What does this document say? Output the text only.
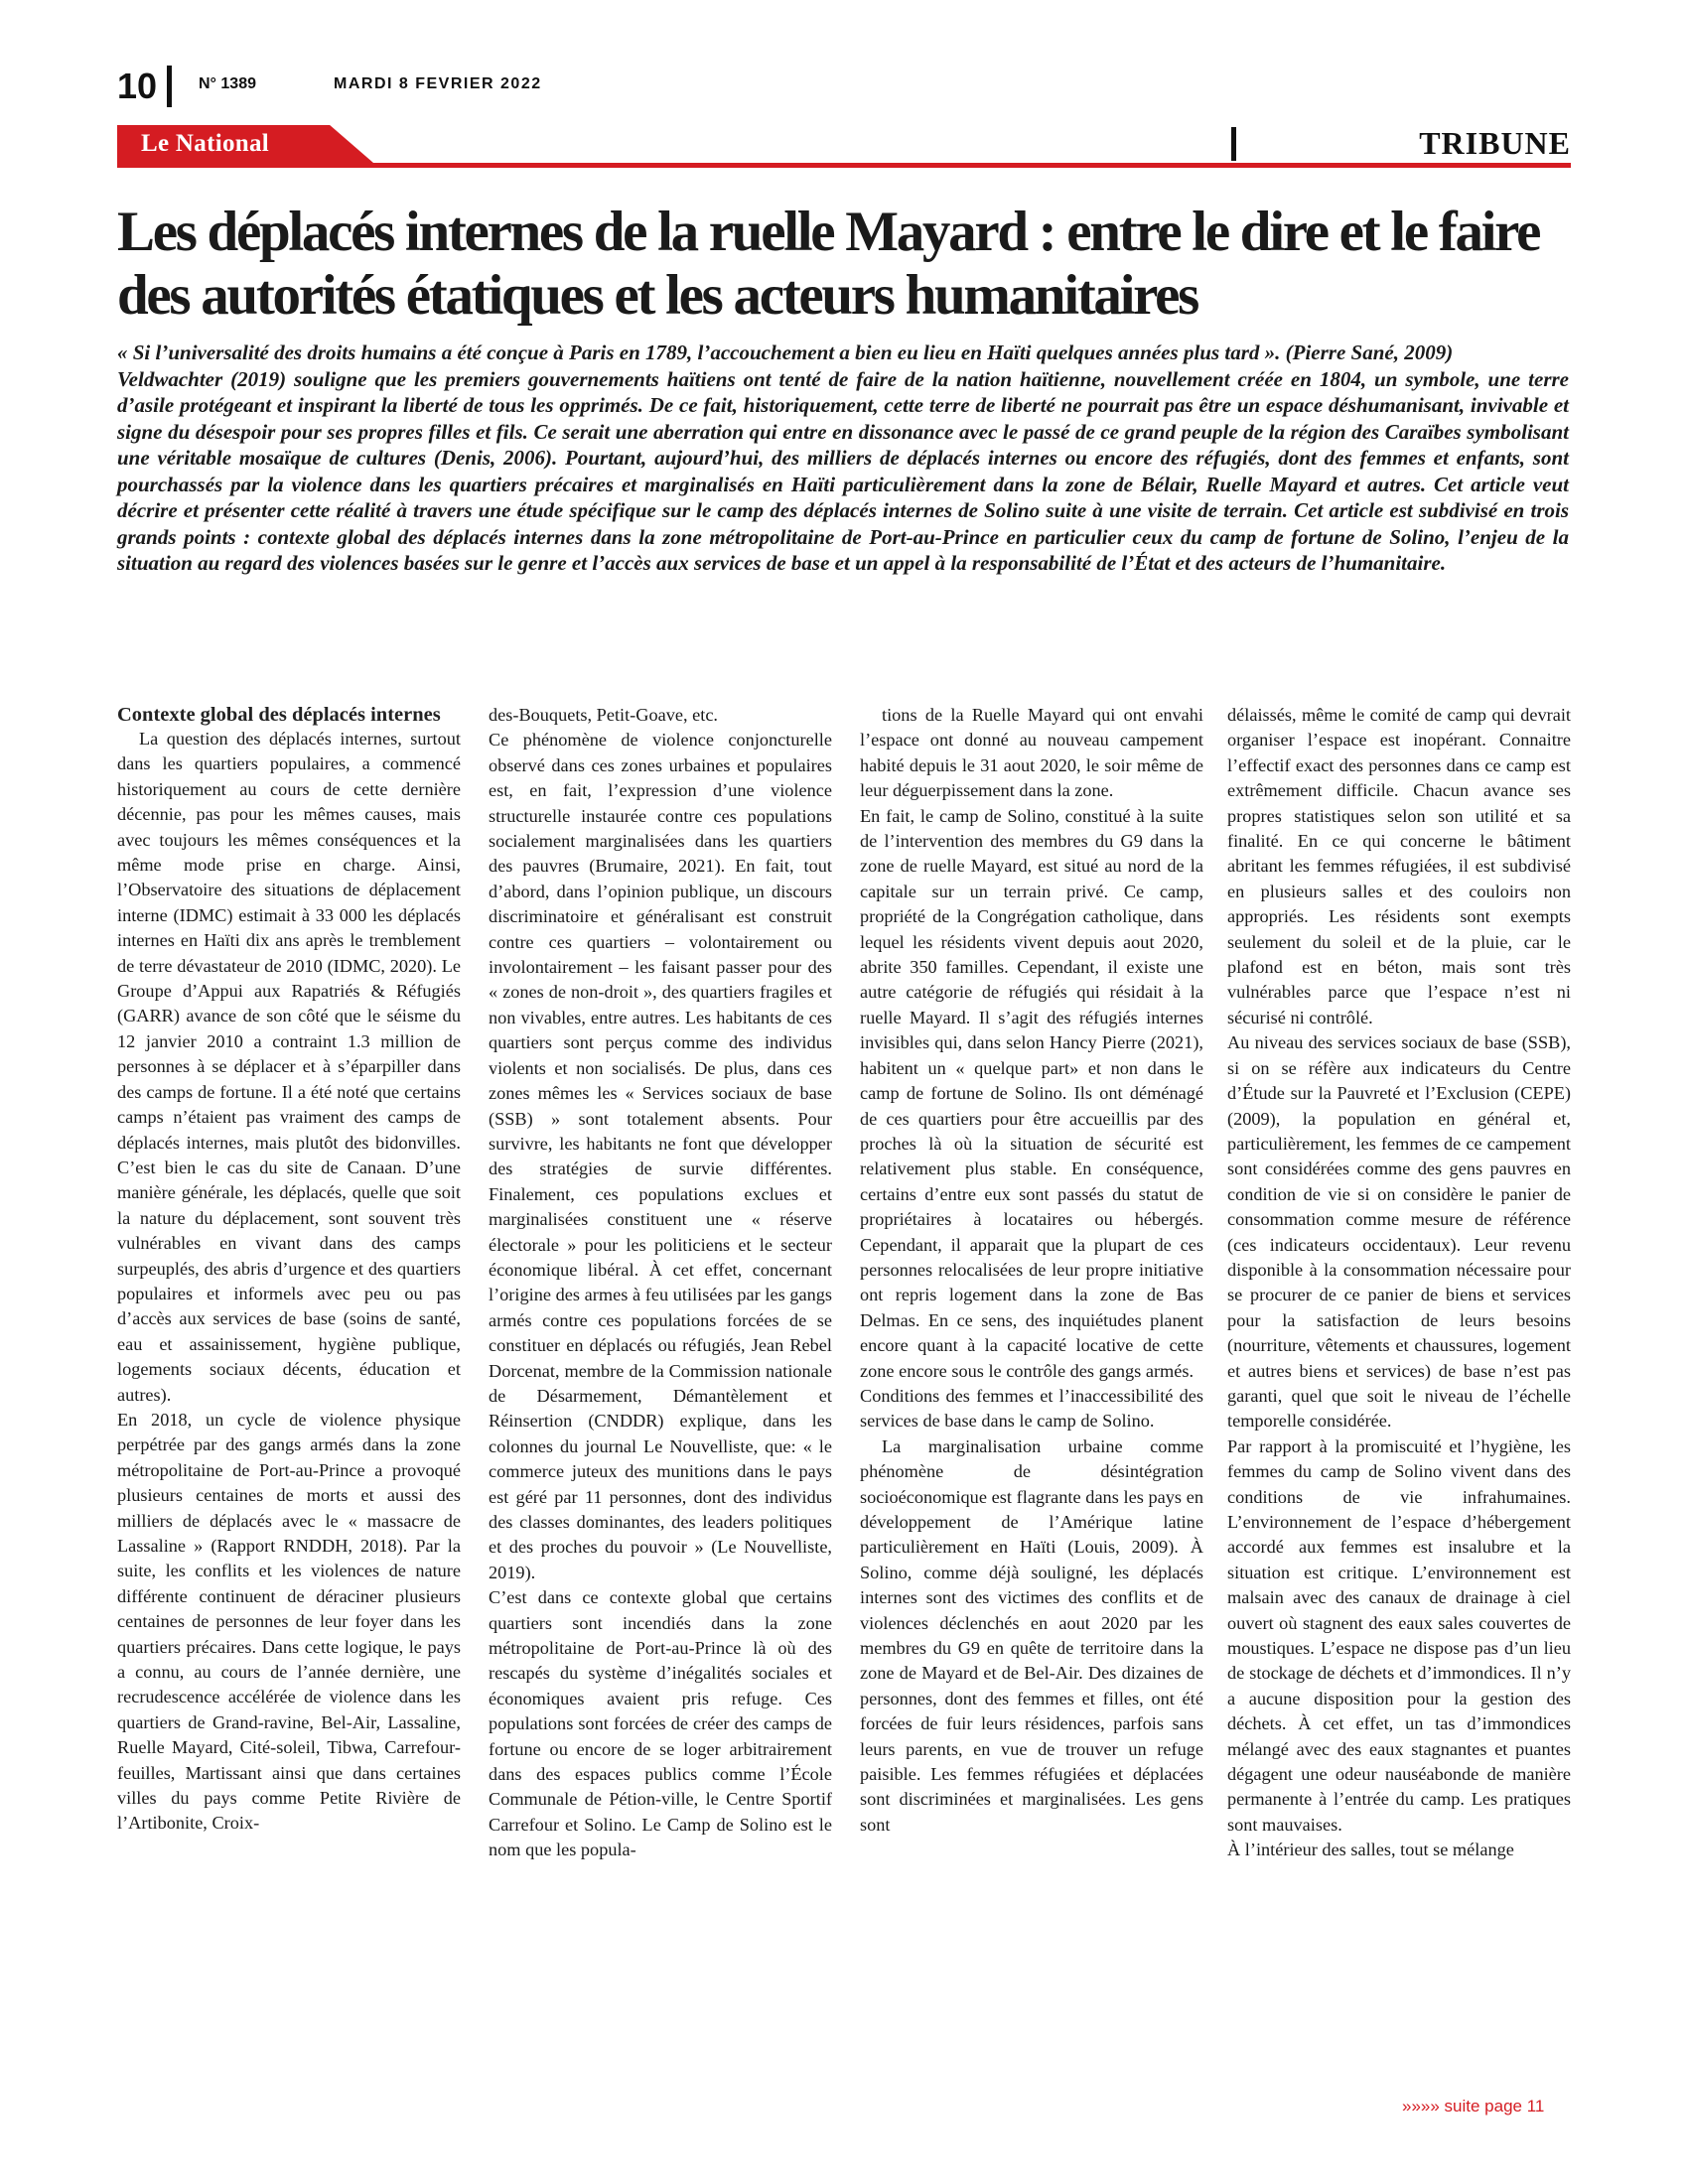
10	N° 1389	MARDI 8 FEVRIER 2022
Le National	TRIBUNE
Les déplacés internes de la ruelle Mayard : entre le dire et le faire des autorités étatiques et les acteurs humanitaires

« Si l’universalité des droits humains a été conçue à Paris en 1789, l’accouchement a bien eu lieu en Haïti quelques années plus tard ». (Pierre Sané, 2009)

Veldwachter (2019) souligne que les premiers gouvernements haïtiens ont tenté de faire de la nation haïtienne, nouvellement créée en 1804, un symbole, une terre d’asile protégeant et inspirant la liberté de tous les opprimés. De ce fait, historiquement, cette terre de liberté ne pourrait pas être un espace déshumanisant, invivable et signe du désespoir pour ses propres filles et fils. Ce serait une aberration qui entre en dissonance avec le passé de ce grand peuple de la région des Caraïbes symbolisant une véritable mosaïque de cultures (Denis, 2006). Pourtant, aujourd’hui, des milliers de déplacés internes ou encore des réfugiés, dont des femmes et enfants, sont pourchassés par la violence dans les quartiers précaires et marginalisés en Haïti particulièrement dans la zone de Bélair, Ruelle Mayard et autres. Cet article veut décrire et présenter cette réalité à travers une étude spécifique sur le camp des déplacés internes de Solino suite à une visite de terrain. Cet article est subdivisé en trois grands points : contexte global des déplacés internes dans la zone métropolitaine de Port-au-Prince en particulier ceux du camp de fortune de Solino, l’enjeu de la situation au regard des violences basées sur le genre et l’accès aux services de base et un appel à la responsabilité de l’État et des acteurs de l’humanitaire.

Contexte global des déplacés internes

La question des déplacés internes, surtout dans les quartiers populaires, a commencé historiquement au cours de cette dernière décennie, pas pour les mêmes causes, mais avec toujours les mêmes conséquences et la même mode prise en charge. Ainsi, l’Observatoire des situations de déplacement interne (IDMC) estimait à 33 000 les déplacés internes en Haïti dix ans après le tremblement de terre dévastateur de 2010 (IDMC, 2020). Le Groupe d’Appui aux Rapatriés & Réfugiés (GARR) avance de son côté que le séisme du 12 janvier 2010 a contraint 1.3 million de personnes à se déplacer et à s’éparpiller dans des camps de fortune. Il a été noté que certains camps n’étaient pas vraiment des camps de déplacés internes, mais plutôt des bidonvilles. C’est bien le cas du site de Canaan. D’une manière générale, les déplacés, quelle que soit la nature du déplacement, sont souvent très vulnérables en vivant dans des camps surpeuplés, des abris d’urgence et des quartiers populaires et informels avec peu ou pas d’accès aux services de base (soins de santé, eau et assainissement, hygiène publique, logements sociaux décents, éducation et autres).

En 2018, un cycle de violence physique perpétrée par des gangs armés dans la zone métropolitaine de Port-au-Prince a provoqué plusieurs centaines de morts et aussi des milliers de déplacés avec le « massacre de Lassaline » (Rapport RNDDH, 2018). Par la suite, les conflits et les violences de nature différente continuent de déraciner plusieurs centaines de personnes de leur foyer dans les quartiers précaires. Dans cette logique, le pays a connu, au cours de l’année dernière, une recrudescence accélérée de violence dans les quartiers de Grand-ravine, Bel-Air, Lassaline, Ruelle Mayard, Cité-soleil, Tibwa, Carrefour-feuilles, Martissant ainsi que dans certaines villes du pays comme Petite Rivière de l’Artibonite, Croix-

des-Bouquets, Petit-Goave, etc.

Ce phénomène de violence conjoncturelle observé dans ces zones urbaines et populaires est, en fait, l’expression d’une violence structurelle instaurée contre ces populations socialement marginalisées dans les quartiers des pauvres (Brumaire, 2021). En fait, tout d’abord, dans l’opinion publique, un discours discriminatoire et généralisant est construit contre ces quartiers – volontairement ou involontairement – les faisant passer pour des « zones de non-droit », des quartiers fragiles et non vivables, entre autres. Les habitants de ces quartiers sont perçus comme des individus violents et non socialisés. De plus, dans ces zones mêmes les « Services sociaux de base (SSB) » sont totalement absents. Pour survivre, les habitants ne font que développer des stratégies de survie différentes. Finalement, ces populations exclues et marginalisées constituent une « réserve électorale » pour les politiciens et le secteur économique libéral. À cet effet, concernant l’origine des armes à feu utilisées par les gangs armés contre ces populations forcées de se constituer en déplacés ou réfugiés, Jean Rebel Dorcenat, membre de la Commission nationale de Désarmement, Démantèlement et Réinsertion (CNDDR) explique, dans les colonnes du journal Le Nouvelliste, que: « le commerce juteux des munitions dans le pays est géré par 11 personnes, dont des individus des classes dominantes, des leaders politiques et des proches du pouvoir » (Le Nouvelliste, 2019).

C’est dans ce contexte global que certains quartiers sont incendiés dans la zone métropolitaine de Port-au-Prince là où des rescapés du système d’inégalités sociales et économiques avaient pris refuge. Ces populations sont forcées de créer des camps de fortune ou encore de se loger arbitrairement dans des espaces publics comme l’École Communale de Pétion-ville, le Centre Sportif Carrefour et Solino. Le Camp de Solino est le nom que les popula-

tions de la Ruelle Mayard qui ont envahi l’espace ont donné au nouveau campement habité depuis le 31 aout 2020, le soir même de leur déguerpissement dans la zone.

En fait, le camp de Solino, constitué à la suite de l’intervention des membres du G9 dans la zone de ruelle Mayard, est situé au nord de la capitale sur un terrain privé. Ce camp, propriété de la Congrégation catholique, dans lequel les résidents vivent depuis aout 2020, abrite 350 familles. Cependant, il existe une autre catégorie de réfugiés qui résidait à la ruelle Mayard. Il s’agit des réfugiés internes invisibles qui, dans selon Hancy Pierre (2021), habitent un « quelque part» et non dans le camp de fortune de Solino. Ils ont déménagé de ces quartiers pour être accueillis par des proches là où la situation de sécurité est relativement plus stable. En conséquence, certains d’entre eux sont passés du statut de propriétaires à locataires ou hébergés. Cependant, il apparait que la plupart de ces personnes relocalisées de leur propre initiative ont repris logement dans la zone de Bas Delmas. En ce sens, des inquiétudes planent encore quant à la capacité locative de cette zone encore sous le contrôle des gangs armés.

Conditions des femmes et l’inaccessibilité des services de base dans le camp de Solino.

La marginalisation urbaine comme phénomène de désintégration socioéconomique est flagrante dans les pays en développement de l’Amérique latine particulièrement en Haïti (Louis, 2009). À Solino, comme déjà souligné, les déplacés internes sont des victimes des conflits et de violences déclenchés en aout 2020 par les membres du G9 en quête de territoire dans la zone de Mayard et de Bel-Air. Des dizaines de personnes, dont des femmes et filles, ont été forcées de fuir leurs résidences, parfois sans leurs parents, en vue de trouver un refuge paisible. Les femmes réfugiées et déplacées sont discriminées et marginalisées. Les gens sont

délaissés, même le comité de camp qui devrait organiser l’espace est inopérant. Connaitre l’effectif exact des personnes dans ce camp est extrêmement difficile. Chacun avance ses propres statistiques selon son utilité et sa finalité. En ce qui concerne le bâtiment abritant les femmes réfugiées, il est subdivisé en plusieurs salles et des couloirs non appropriés. Les résidents sont exempts seulement du soleil et de la pluie, car le plafond est en béton, mais sont très vulnérables parce que l’espace n’est ni sécurisé ni contrôlé.

Au niveau des services sociaux de base (SSB), si on se réfère aux indicateurs du Centre d’Étude sur la Pauvreté et l’Exclusion (CEPE) (2009), la population en général et, particulièrement, les femmes de ce campement sont considérées comme des gens pauvres en condition de vie si on considère le panier de consommation comme mesure de référence (ces indicateurs occidentaux). Leur revenu disponible à la consommation nécessaire pour se procurer de ce panier de biens et services pour la satisfaction de leurs besoins (nourriture, vêtements et chaussures, logement et autres biens et services) de base n’est pas garanti, quel que soit le niveau de l’échelle temporelle considérée.

Par rapport à la promiscuité et l’hygiène, les femmes du camp de Solino vivent dans des conditions de vie infrahumaines. L’environnement de l’espace d’hébergement accordé aux femmes est insalubre et la situation est critique. L’environnement est malsain avec des canaux de drainage à ciel ouvert où stagnent des eaux sales couvertes de moustiques. L’espace ne dispose pas d’un lieu de stockage de déchets et d’immondices. Il n’y a aucune disposition pour la gestion des déchets. À cet effet, un tas d’immondices mélangé avec des eaux stagnantes et puantes dégagent une odeur nauséabonde de manière permanente à l’entrée du camp. Les pratiques sont mauvaises.

À l’intérieur des salles, tout se mélange

»»»» suite page 11
